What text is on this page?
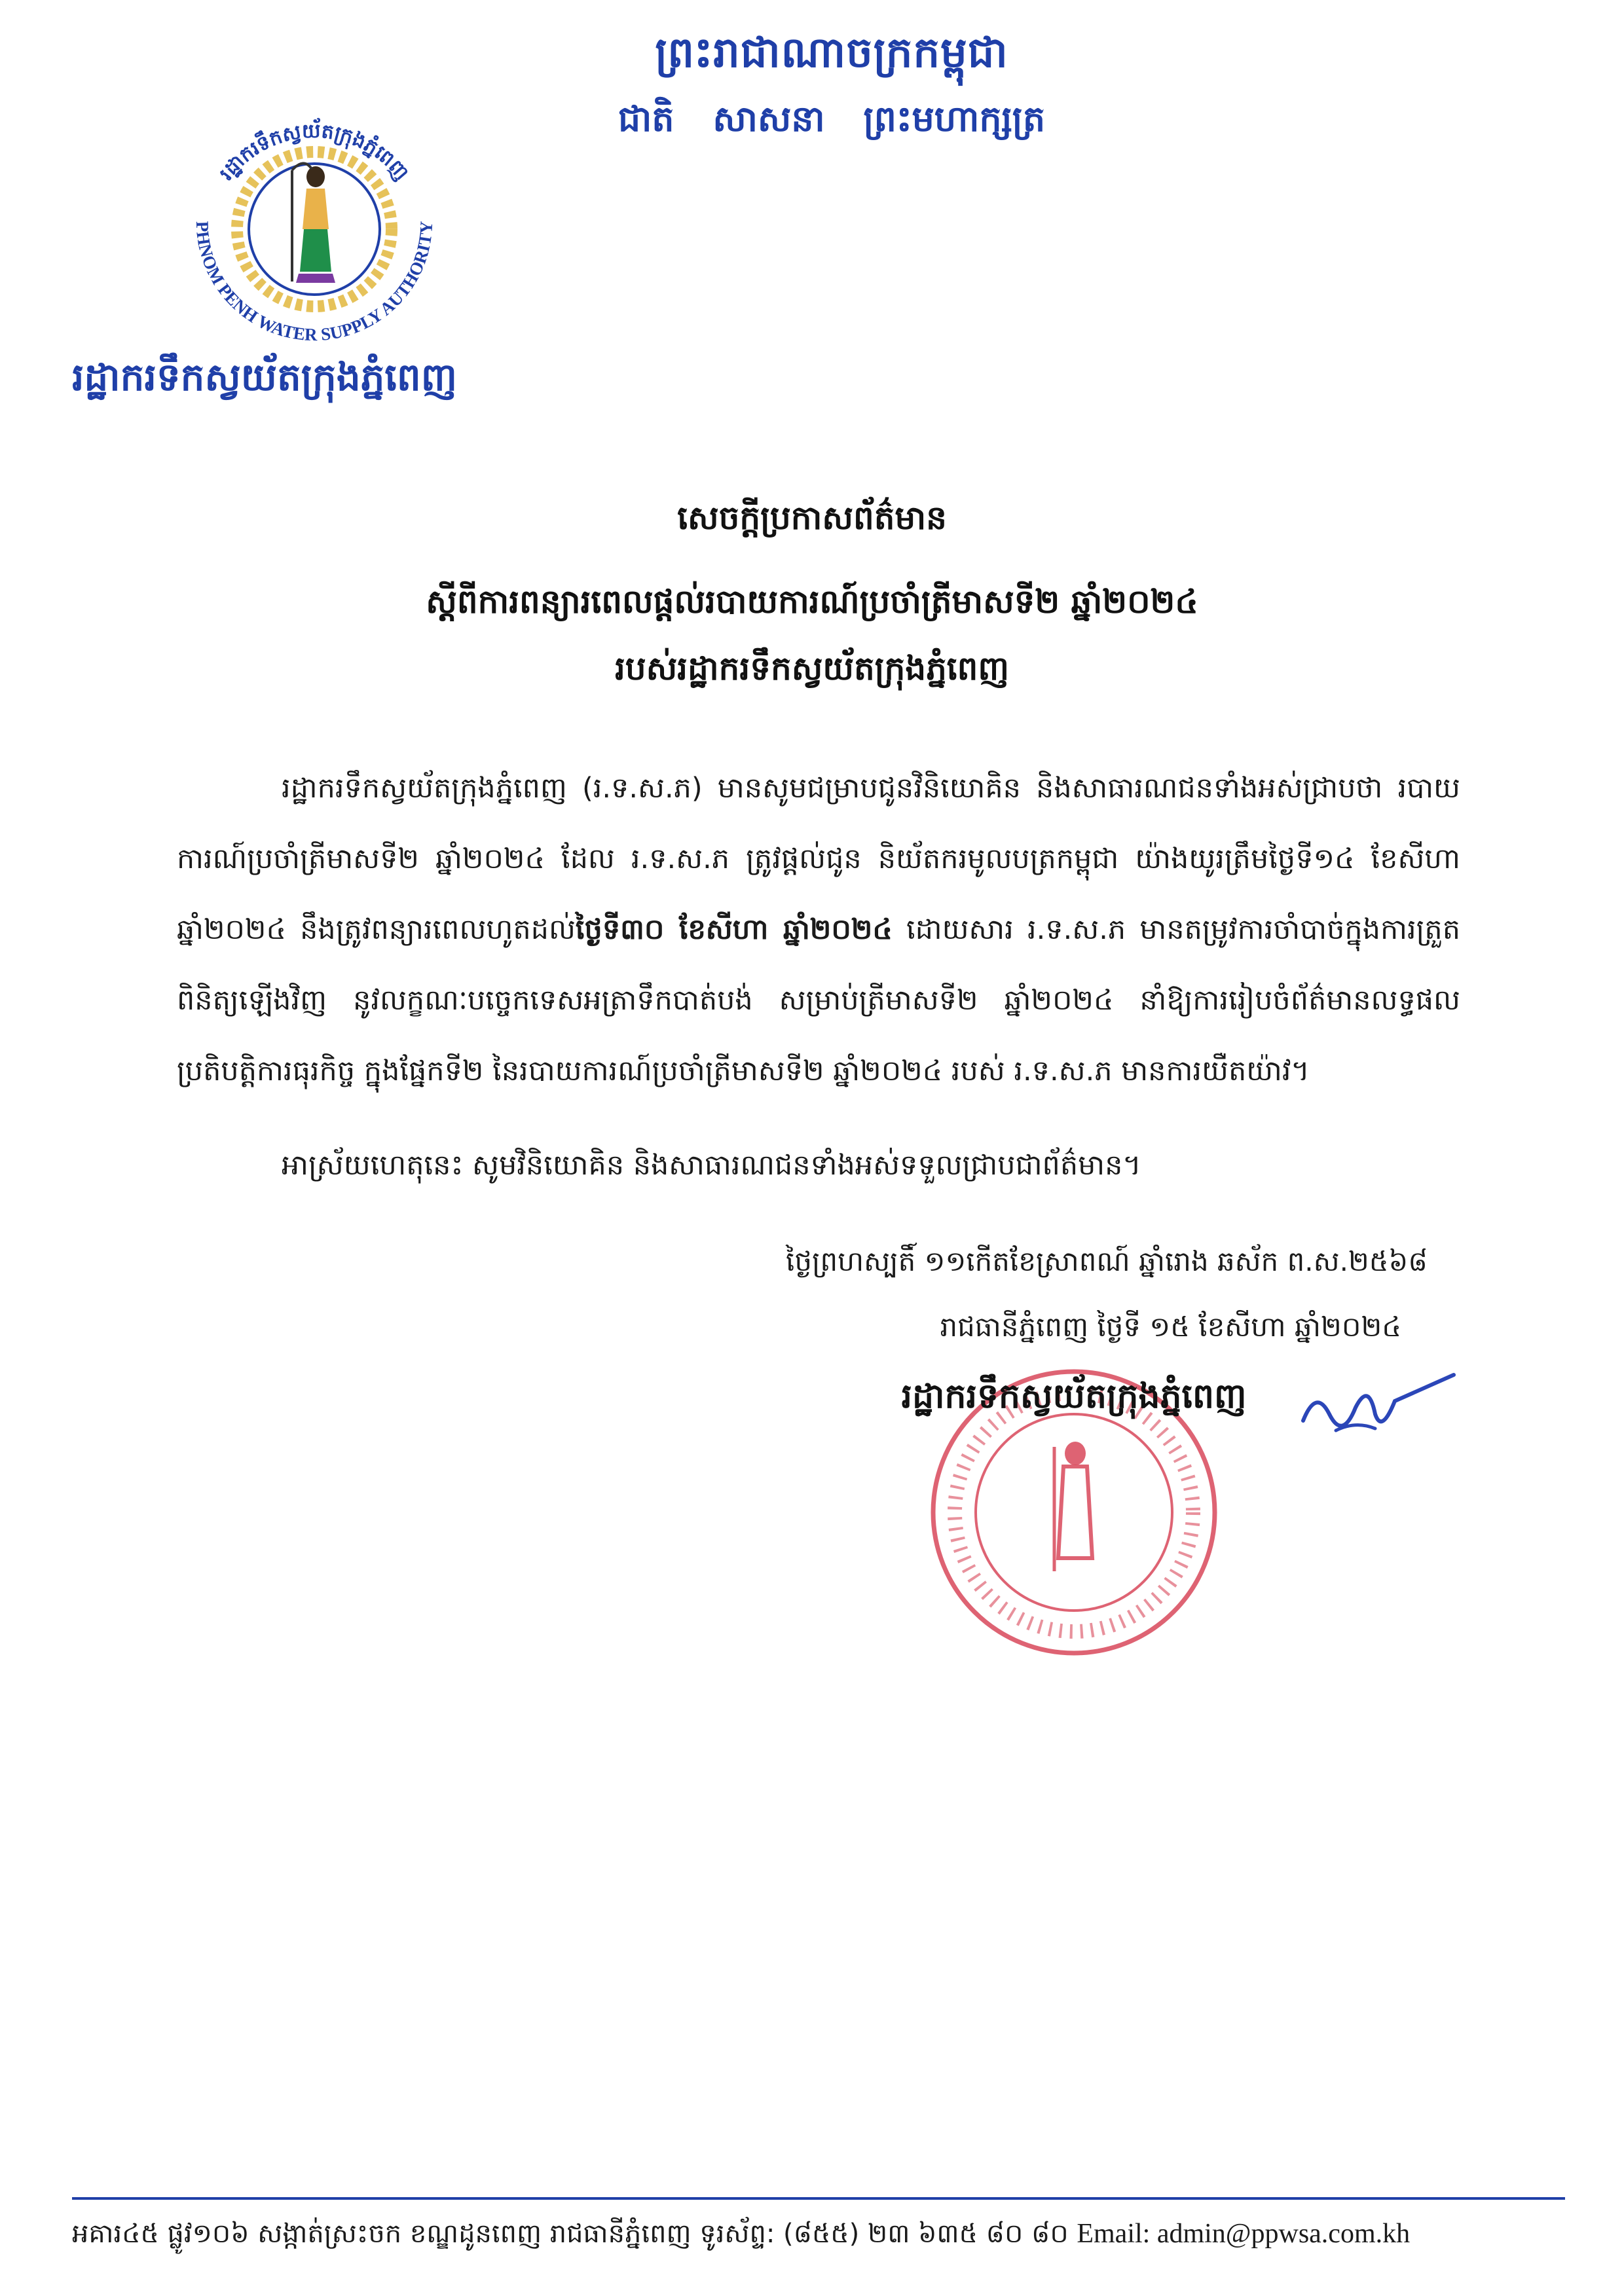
ព្រះរាជាណាចក្រកម្ពុជា
ជាតិ សាសនា ព្រះមហាក្សត្រ
រដ្ឋាករទឹកស្វយ័តក្រុងភ្នំពេញ
PHNOM PENH WATER SUPPLY AUTHORITY
រដ្ឋាករទឹកស្វយ័តក្រុងភ្នំពេញ
សេចក្តីប្រកាសព័ត៌មាន
ស្តីពីការពន្យារពេលផ្តល់របាយការណ៍ប្រចាំត្រីមាសទី២ ឆ្នាំ២០២៤
របស់រដ្ឋាករទឹកស្វយ័តក្រុងភ្នំពេញ

រដ្ឋាករទឹកស្វយ័តក្រុងភ្នំពេញ (រ.ទ.ស.ភ) មានសូមជម្រាបជូនវិនិយោគិន និងសាធារណជនទាំងអស់ជ្រាបថា របាយការណ៍ប្រចាំត្រីមាសទី២ ឆ្នាំ២០២៤ ដែល រ.ទ.ស.ភ ត្រូវផ្តល់ជូន និយ័តករមូលបត្រកម្ពុជា យ៉ាងយូរត្រឹមថ្ងៃទី១៤ ខែសីហា ឆ្នាំ២០២៤ នឹងត្រូវពន្យារពេលហូតដល់ថ្ងៃទី៣០ ខែសីហា ឆ្នាំ២០២៤ ដោយសារ រ.ទ.ស.ភ មានតម្រូវការចាំបាច់ក្នុងការត្រួតពិនិត្យឡើងវិញ នូវលក្ខណៈបច្ចេកទេសអត្រាទឹកបាត់បង់ សម្រាប់ត្រីមាសទី២ ឆ្នាំ២០២៤ នាំឱ្យការរៀបចំព័ត៌មានលទ្ធផលប្រតិបត្តិការធុរកិច្ច ក្នុងផ្នែកទី២ នៃរបាយការណ៍ប្រចាំត្រីមាសទី២ ឆ្នាំ២០២៤ របស់ រ.ទ.ស.ភ មានការយឺតយ៉ាវ។

អាស្រ័យហេតុនេះ សូមវិនិយោគិន និងសាធារណជនទាំងអស់ទទួលជ្រាបជាព័ត៌មាន។
ថ្ងៃព្រហស្បតិ៍ ១១កើតខែស្រាពណ៍ ឆ្នាំរោង ឆស័ក ព.ស.២៥៦៨
រាជធានីភ្នំពេញ ថ្ងៃទី ១៥ ខែសីហា ឆ្នាំ២០២៤
រដ្ឋាករទឹកស្វយ័តក្រុងភ្នំពេញ
អគារ៤៥ ផ្លូវ១០៦ សង្កាត់ស្រះចក ខណ្ឌដូនពេញ រាជធានីភ្នំពេញ ទូរស័ព្ទ: (៨៥៥) ២៣ ៦៣៥ ៨០ ៨០ Email: admin@ppwsa.com.kh
